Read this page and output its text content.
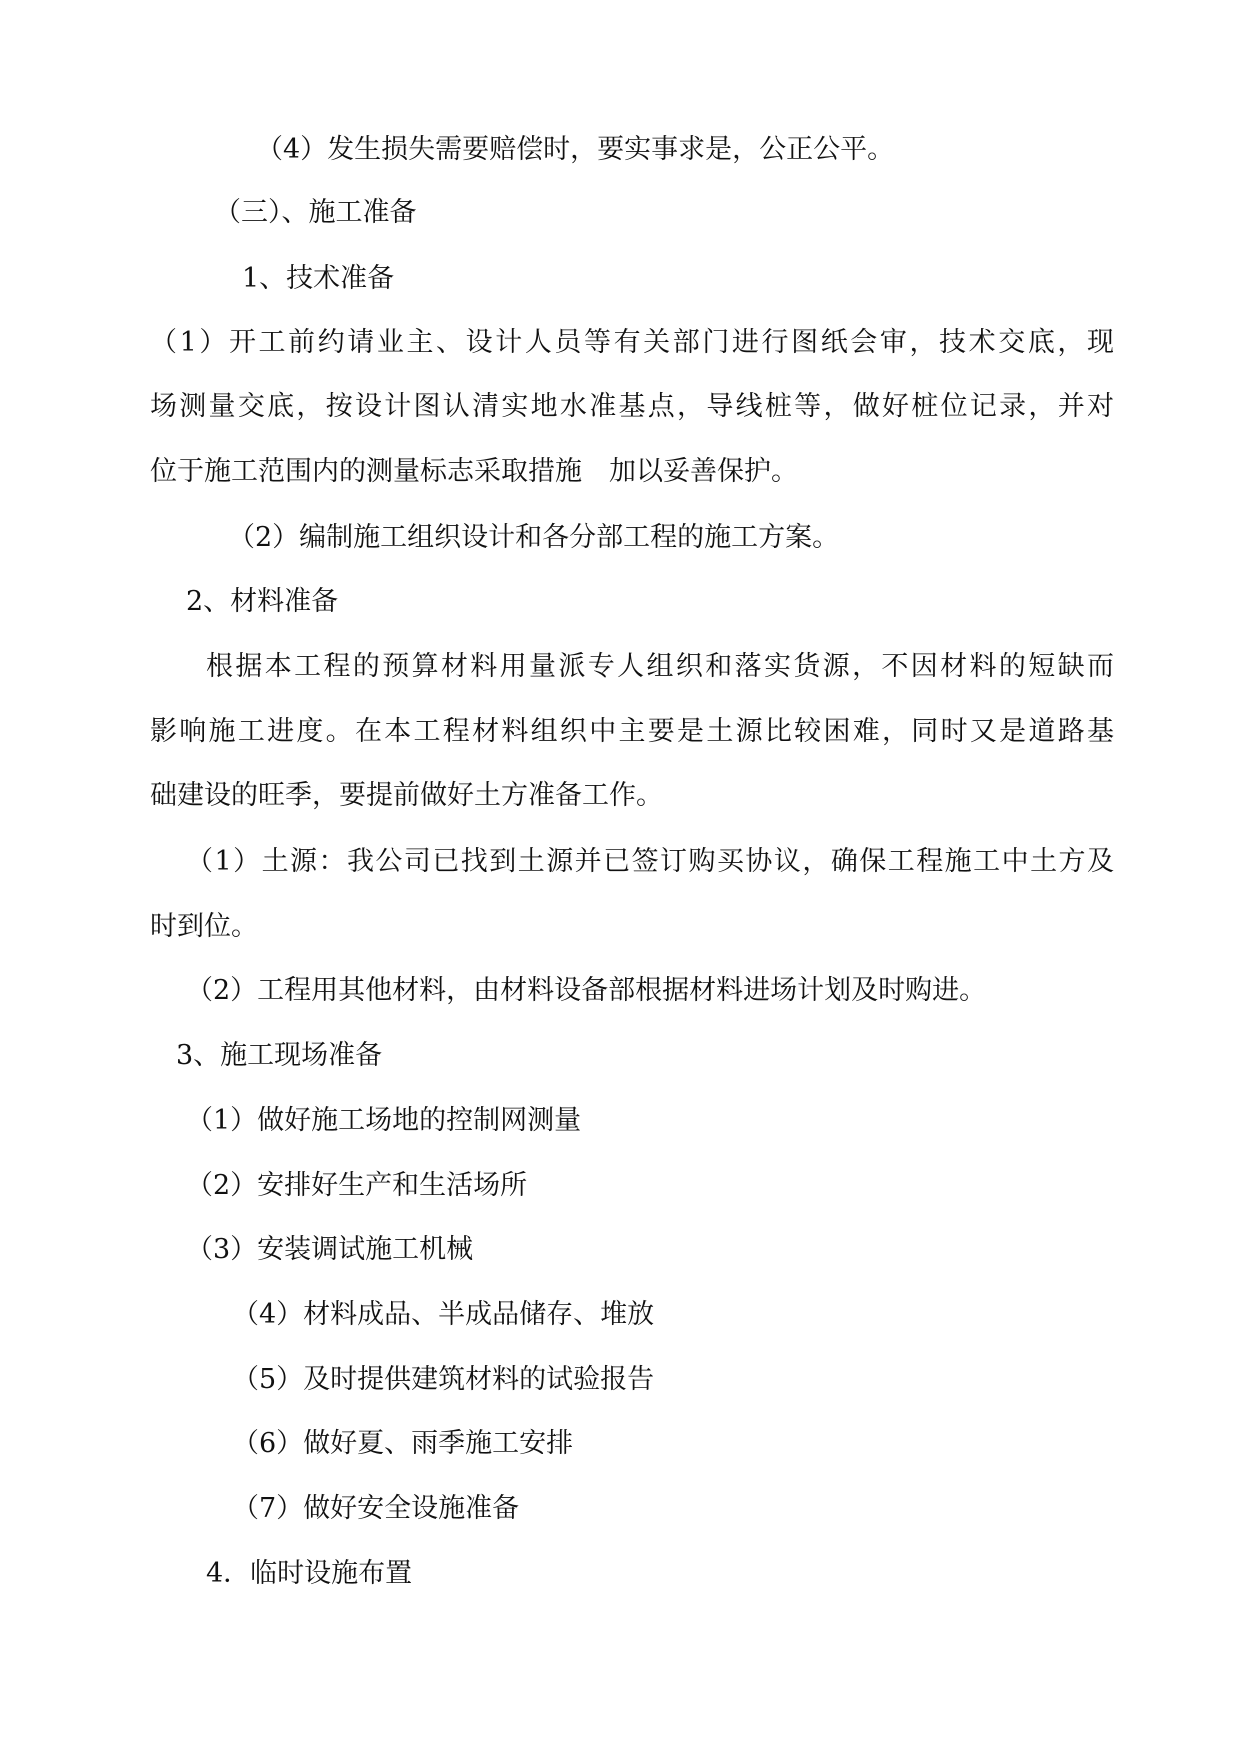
（4）发生损失需要赔偿时，要实事求是，公正公平。
（三）、施工准备
1、技术准备
（1）开工前约请业主、设计人员等有关部门进行图纸会审，技术交底，现
场测量交底，按设计图认清实地水准基点，导线桩等，做好桩位记录，并对
位于施工范围内的测量标志采取措施　加以妥善保护。
（2）编制施工组织设计和各分部工程的施工方案。
2、材料准备
根据本工程的预算材料用量派专人组织和落实货源，不因材料的短缺而
影响施工进度。在本工程材料组织中主要是土源比较困难，同时又是道路基
础建设的旺季，要提前做好土方准备工作。
（1）土源：我公司已找到土源并已签订购买协议，确保工程施工中土方及
时到位。
（2）工程用其他材料，由材料设备部根据材料进场计划及时购进。
3、施工现场准备
（1）做好施工场地的控制网测量
（2）安排好生产和生活场所
（3）安装调试施工机械
（4）材料成品、半成品储存、堆放
（5）及时提供建筑材料的试验报告
（6）做好夏、雨季施工安排
（7）做好安全设施准备
4．临时设施布置
